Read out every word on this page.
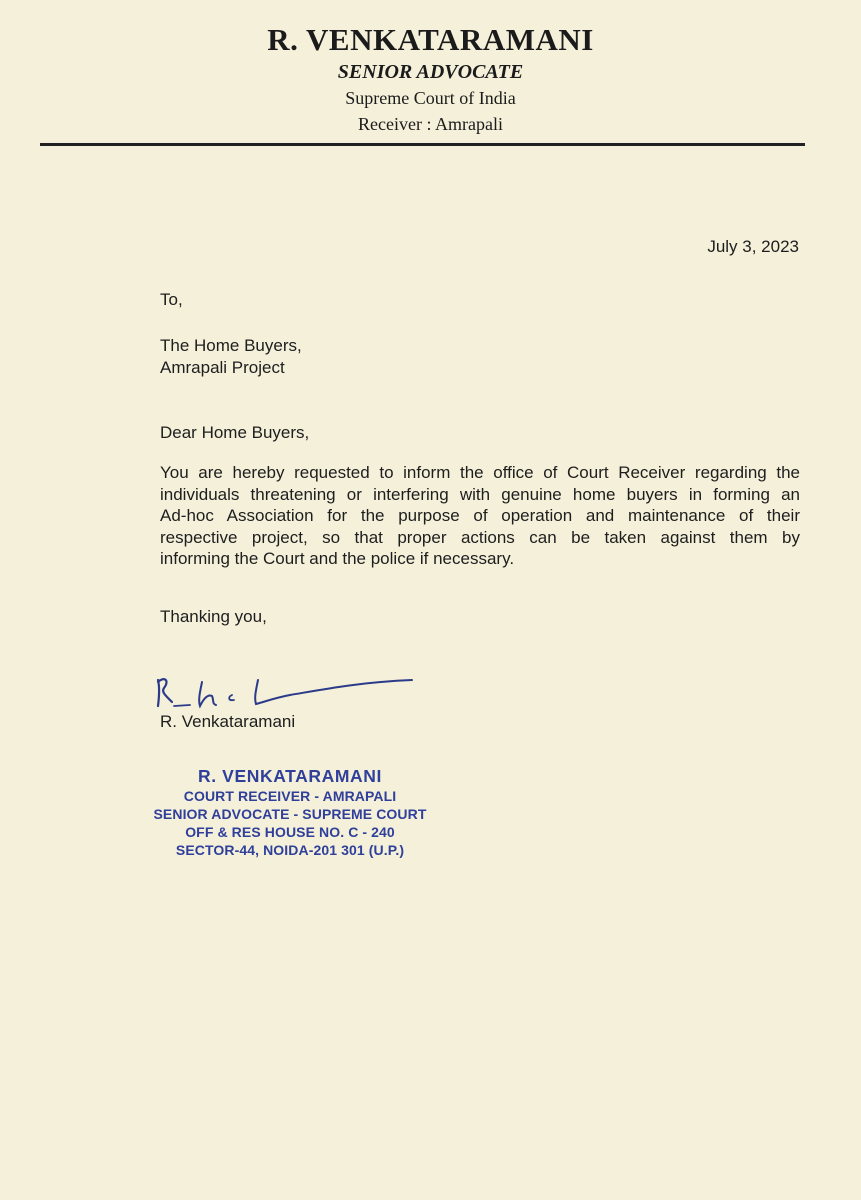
R. VENKATARAMANI
SENIOR ADVOCATE
Supreme Court of India
Receiver : Amrapali
July 3, 2023
To,
The Home Buyers,
Amrapali Project
Dear Home Buyers,
You are hereby requested to inform the office of Court Receiver regarding the
individuals threatening or interfering with genuine home buyers in forming an
Ad-hoc Association for the purpose of operation and maintenance of their
respective project, so that proper actions can be taken against them by
informing the Court and the police if necessary.
Thanking you,
R. Venkataramani
R. VENKATARAMANI
COURT RECEIVER - AMRAPALI
SENIOR ADVOCATE - SUPREME COURT
OFF & RES HOUSE NO. C - 240
SECTOR-44, NOIDA-201 301 (U.P.)
